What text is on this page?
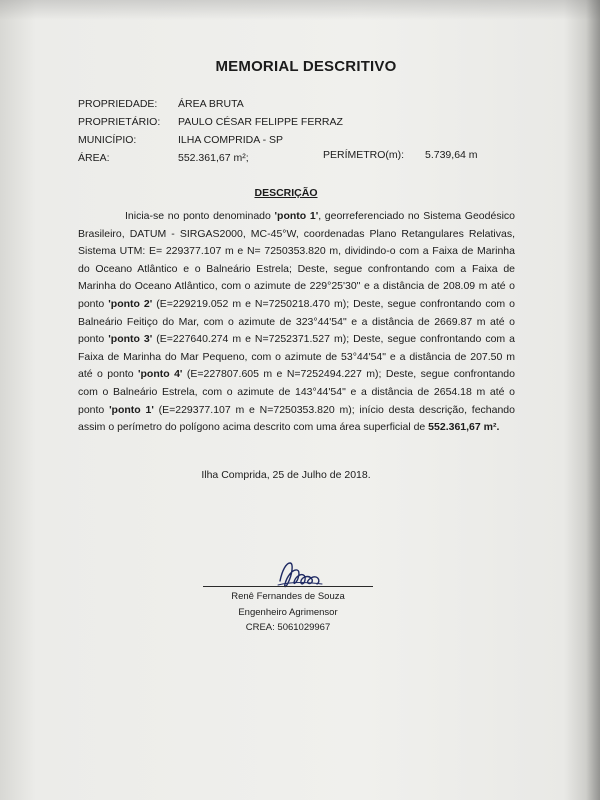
MEMORIAL DESCRITIVO
PROPRIEDADE: ÁREA BRUTA
PROPRIETÁRIO: PAULO CÉSAR FELIPPE FERRAZ
MUNICÍPIO:	ILHA COMPRIDA - SP
ÁREA:	552.361,67 m²;	PERÍMETRO(m): 5.739,64 m
DESCRIÇÃO

Inicia-se no ponto denominado 'ponto 1', georreferenciado no Sistema Geodésico Brasileiro, DATUM - SIRGAS2000, MC-45°W, coordenadas Plano Retangulares Relativas, Sistema UTM: E= 229377.107 m e N= 7250353.820 m, dividindo-o com a Faixa de Marinha do Oceano Atlântico e o Balneário Estrela; Deste, segue confrontando com a Faixa de Marinha do Oceano Atlântico, com o azimute de 229°25'30" e a distância de 208.09 m até o ponto 'ponto 2' (E=229219.052 m e N=7250218.470 m); Deste, segue confrontando com o Balneário Feitiço do Mar, com o azimute de 323°44'54" e a distância de 2669.87 m até o ponto 'ponto 3' (E=227640.274 m e N=7252371.527 m); Deste, segue confrontando com a Faixa de Marinha do Mar Pequeno, com o azimute de 53°44'54" e a distância de 207.50 m até o ponto 'ponto 4' (E=227807.605 m e N=7252494.227 m); Deste, segue confrontando com o Balneário Estrela, com o azimute de 143°44'54" e a distância de 2654.18 m até o ponto 'ponto 1' (E=229377.107 m e N=7250353.820 m); início desta descrição, fechando assim o perímetro do polígono acima descrito com uma área superficial de 552.361,67 m².

Ilha Comprida, 25 de Julho de 2018.
Renê Fernandes de Souza
Engenheiro Agrimensor
CREA: 5061029967
